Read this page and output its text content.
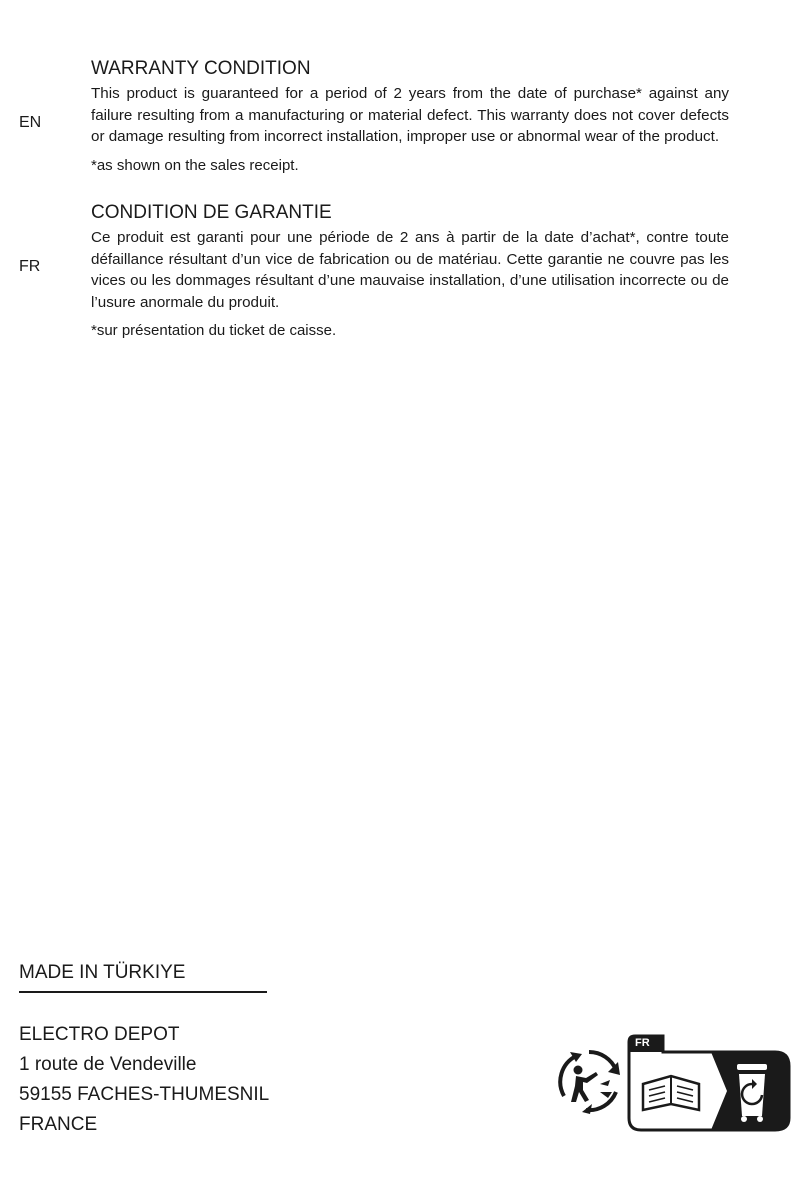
EN
WARRANTY CONDITION

This product is guaranteed for a period of 2 years from the date of purchase* against any failure resulting from a manufacturing or material defect. This warranty does not cover defects or damage resulting from incorrect installation, improper use or abnormal wear of the product.

*as shown on the sales receipt.

FR
CONDITION DE GARANTIE

Ce produit est garanti pour une période de 2 ans à partir de la date d’achat*, contre toute défaillance résultant d’un vice de fabrication ou de matériau. Cette garantie ne couvre pas les vices ou les dommages résultant d’une mauvaise installation, d’une utilisation incorrecte ou de l’usure anormale du produit.

*sur présentation du ticket de caisse.

MADE IN TÜRKIYE
ELECTRO DEPOT
1 route de Vendeville
59155 FACHES-THUMESNIL
FRANCE
FR
